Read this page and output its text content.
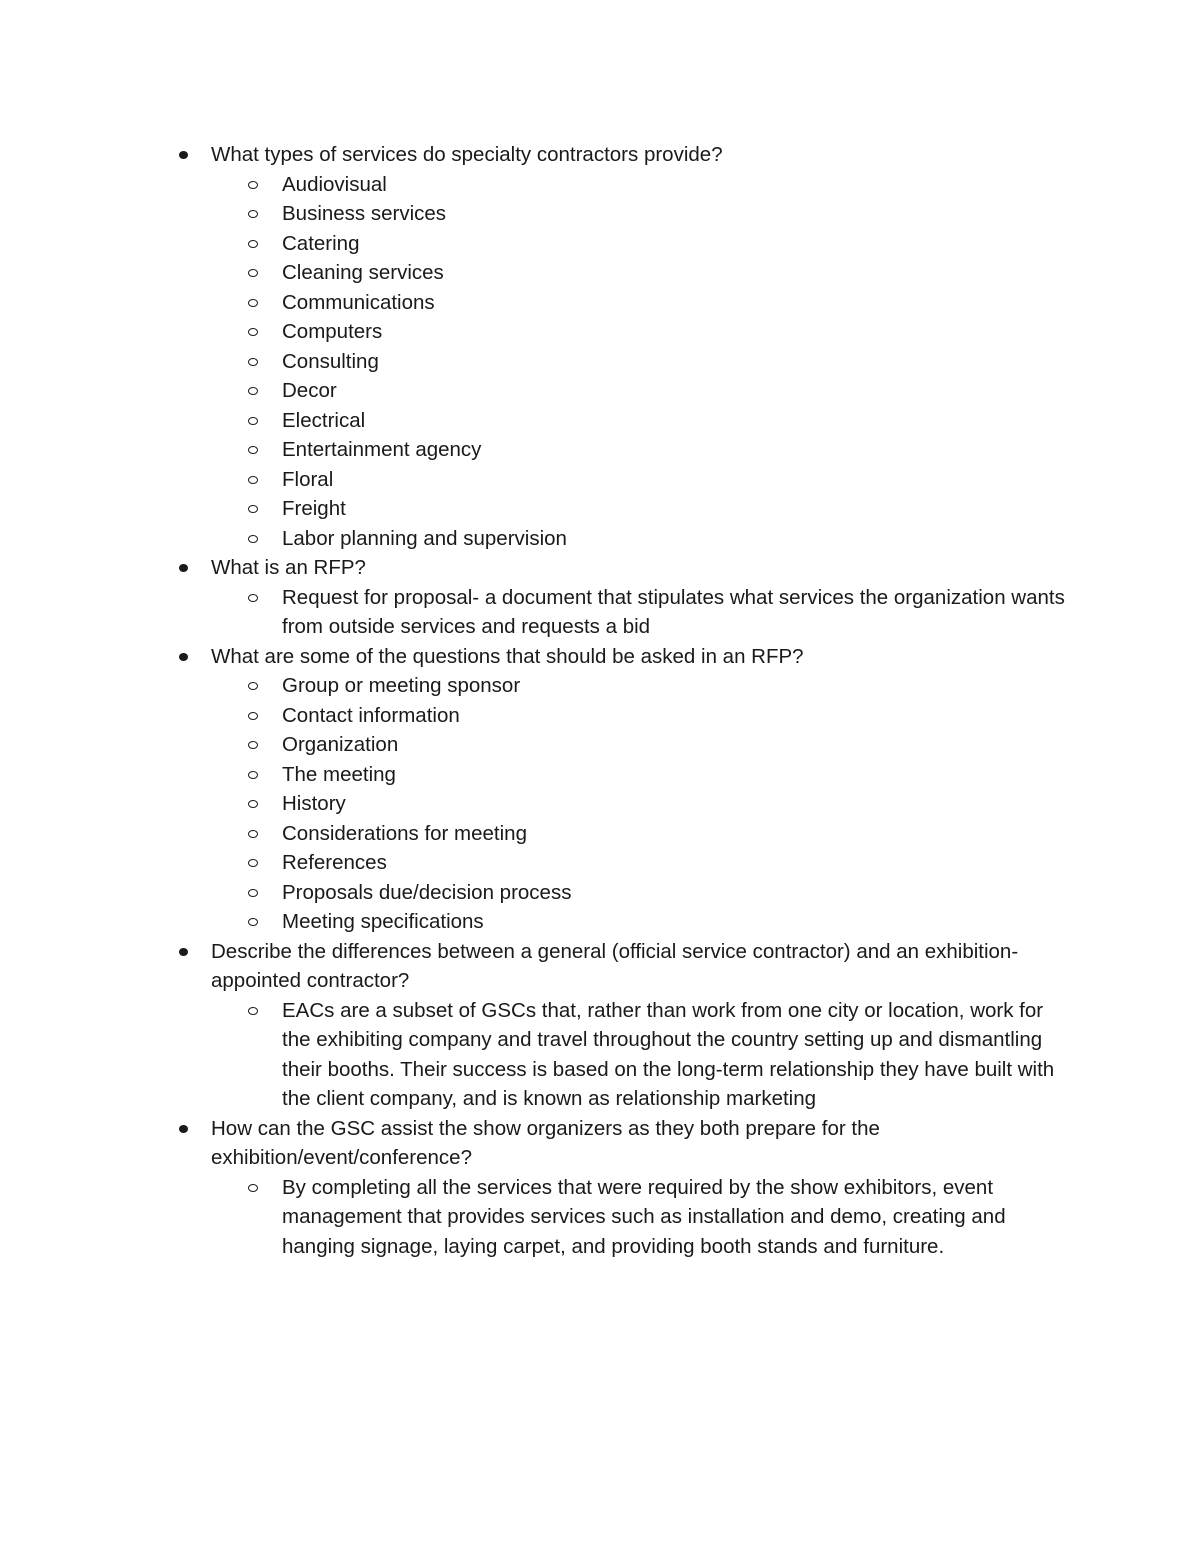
What types of services do specialty contractors provide?
Audiovisual
Business services
Catering
Cleaning services
Communications
Computers
Consulting
Decor
Electrical
Entertainment agency
Floral
Freight
Labor planning and supervision
What is an RFP?
Request for proposal- a document that stipulates what services the organization wants from outside services and requests a bid
What are some of the questions that should be asked in an RFP?
Group or meeting sponsor
Contact information
Organization
The meeting
History
Considerations for meeting
References
Proposals due/decision process
Meeting specifications
Describe the differences between a general (official service contractor) and an exhibition-appointed contractor?
EACs are a subset of GSCs that, rather than work from one city or location, work for the exhibiting company and travel throughout the country setting up and dismantling their booths. Their success is based on the long-term relationship they have built with the client company, and is known as relationship marketing
How can the GSC assist the show organizers as they both prepare for the exhibition/event/conference?
By completing all the services that were required by the show exhibitors, event management that provides services such as installation and demo, creating and hanging signage, laying carpet, and providing booth stands and furniture.
